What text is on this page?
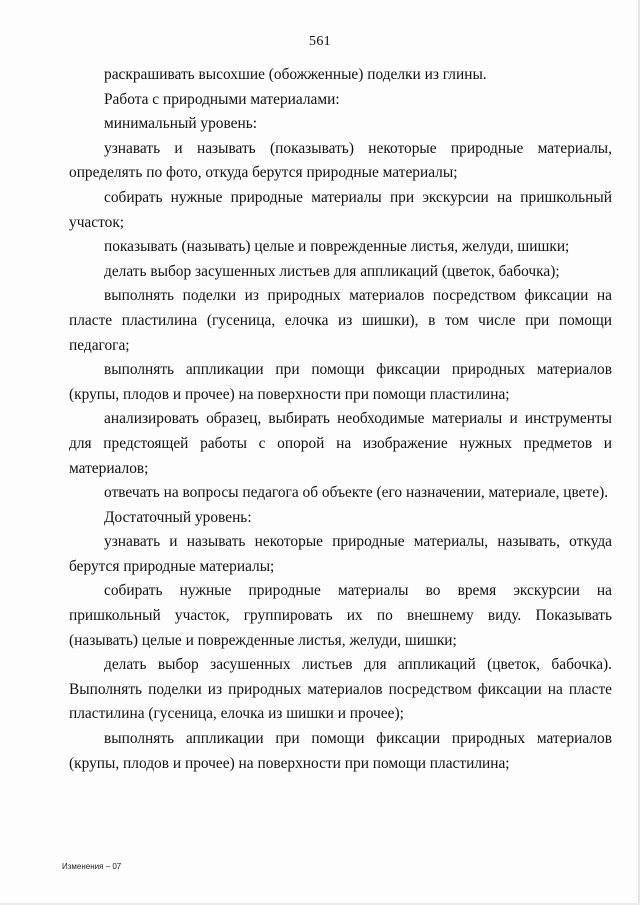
561

раскрашивать высохшие (обожженные) поделки из глины.

Работа с природными материалами:

минимальный уровень:

узнавать и называть (показывать) некоторые природные материалы, определять по фото, откуда берутся природные материалы;

собирать нужные природные материалы при экскурсии на пришкольный участок;

показывать (называть) целые и поврежденные листья, желуди, шишки;

делать выбор засушенных листьев для аппликаций (цветок, бабочка);

выполнять поделки из природных материалов посредством фиксации на пласте пластилина (гусеница, елочка из шишки), в том числе при помощи педагога;

выполнять аппликации при помощи фиксации природных материалов (крупы, плодов и прочее) на поверхности при помощи пластилина;

анализировать образец, выбирать необходимые материалы и инструменты для предстоящей работы с опорой на изображение нужных предметов и материалов;

отвечать на вопросы педагога об объекте (его назначении, материале, цвете).

Достаточный уровень:

узнавать и называть некоторые природные материалы, называть, откуда берутся природные материалы;

собирать нужные природные материалы во время экскурсии на пришкольный участок, группировать их по внешнему виду. Показывать (называть) целые и поврежденные листья, желуди, шишки;

делать выбор засушенных листьев для аппликаций (цветок, бабочка). Выполнять поделки из природных материалов посредством фиксации на пласте пластилина (гусеница, елочка из шишки и прочее);

выполнять аппликации при помощи фиксации природных материалов (крупы, плодов и прочее) на поверхности при помощи пластилина;

Изменения – 07
